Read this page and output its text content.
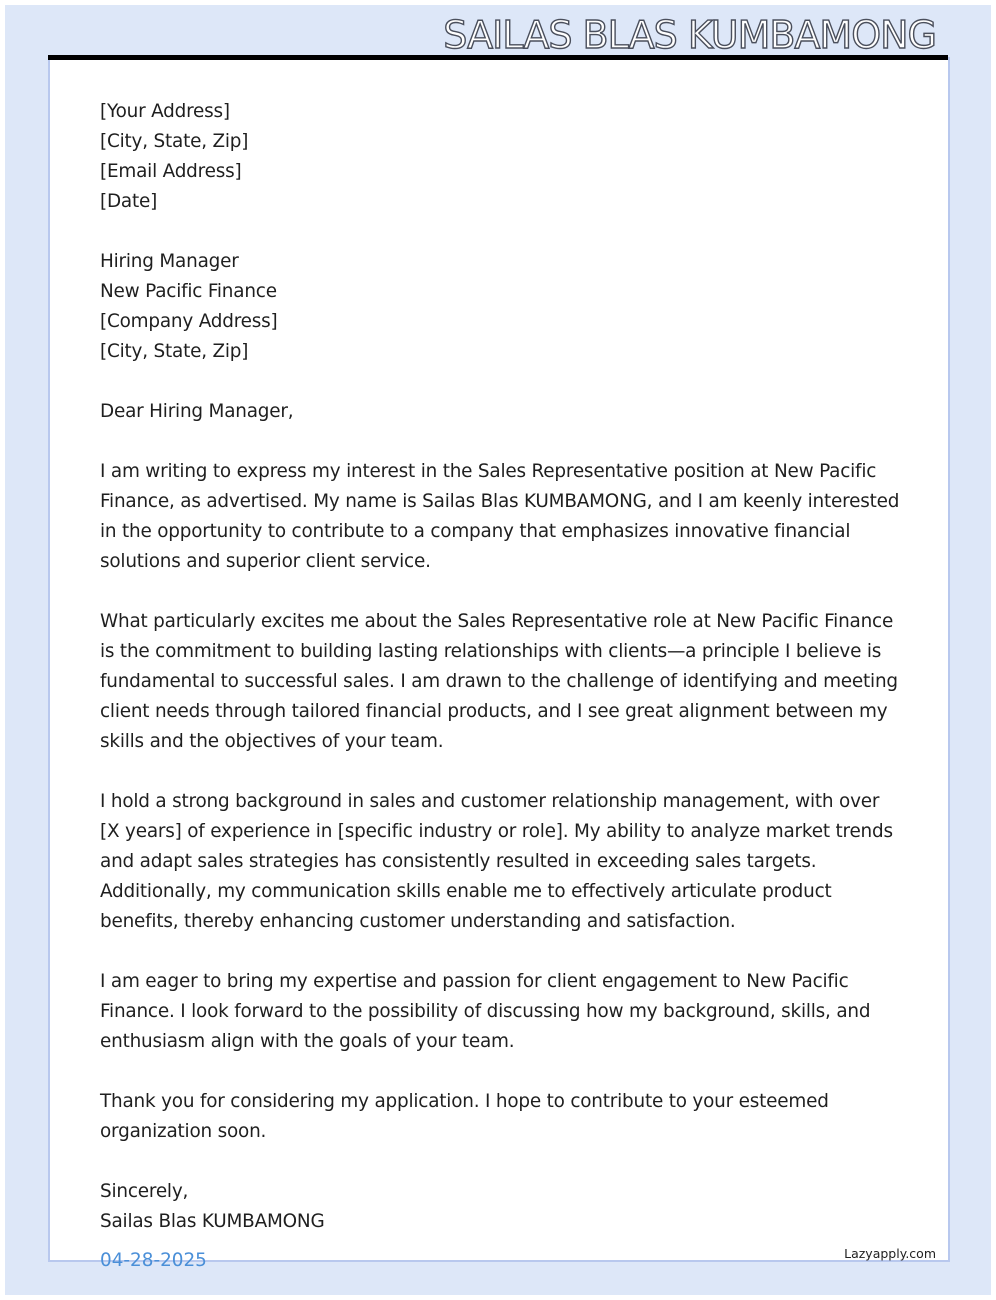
SAILAS BLAS KUMBAMONG
[Your Address]
[City, State, Zip]
[Email Address]
[Date]
Hiring Manager
New Pacific Finance
[Company Address]
[City, State, Zip]
Dear Hiring Manager,

I am writing to express my interest in the Sales Representative position at New Pacific Finance, as advertised. My name is Sailas Blas KUMBAMONG, and I am keenly interested in the opportunity to contribute to a company that emphasizes innovative financial solutions and superior client service.

What particularly excites me about the Sales Representative role at New Pacific Finance is the commitment to building lasting relationships with clients—a principle I believe is fundamental to successful sales. I am drawn to the challenge of identifying and meeting client needs through tailored financial products, and I see great alignment between my skills and the objectives of your team.

I hold a strong background in sales and customer relationship management, with over [X years] of experience in [specific industry or role]. My ability to analyze market trends and adapt sales strategies has consistently resulted in exceeding sales targets. Additionally, my communication skills enable me to effectively articulate product benefits, thereby enhancing customer understanding and satisfaction.

I am eager to bring my expertise and passion for client engagement to New Pacific Finance. I look forward to the possibility of discussing how my background, skills, and enthusiasm align with the goals of your team.

Thank you for considering my application. I hope to contribute to your esteemed organization soon.

Sincerely,
Sailas Blas KUMBAMONG
04-28-2025	Lazyapply.com
